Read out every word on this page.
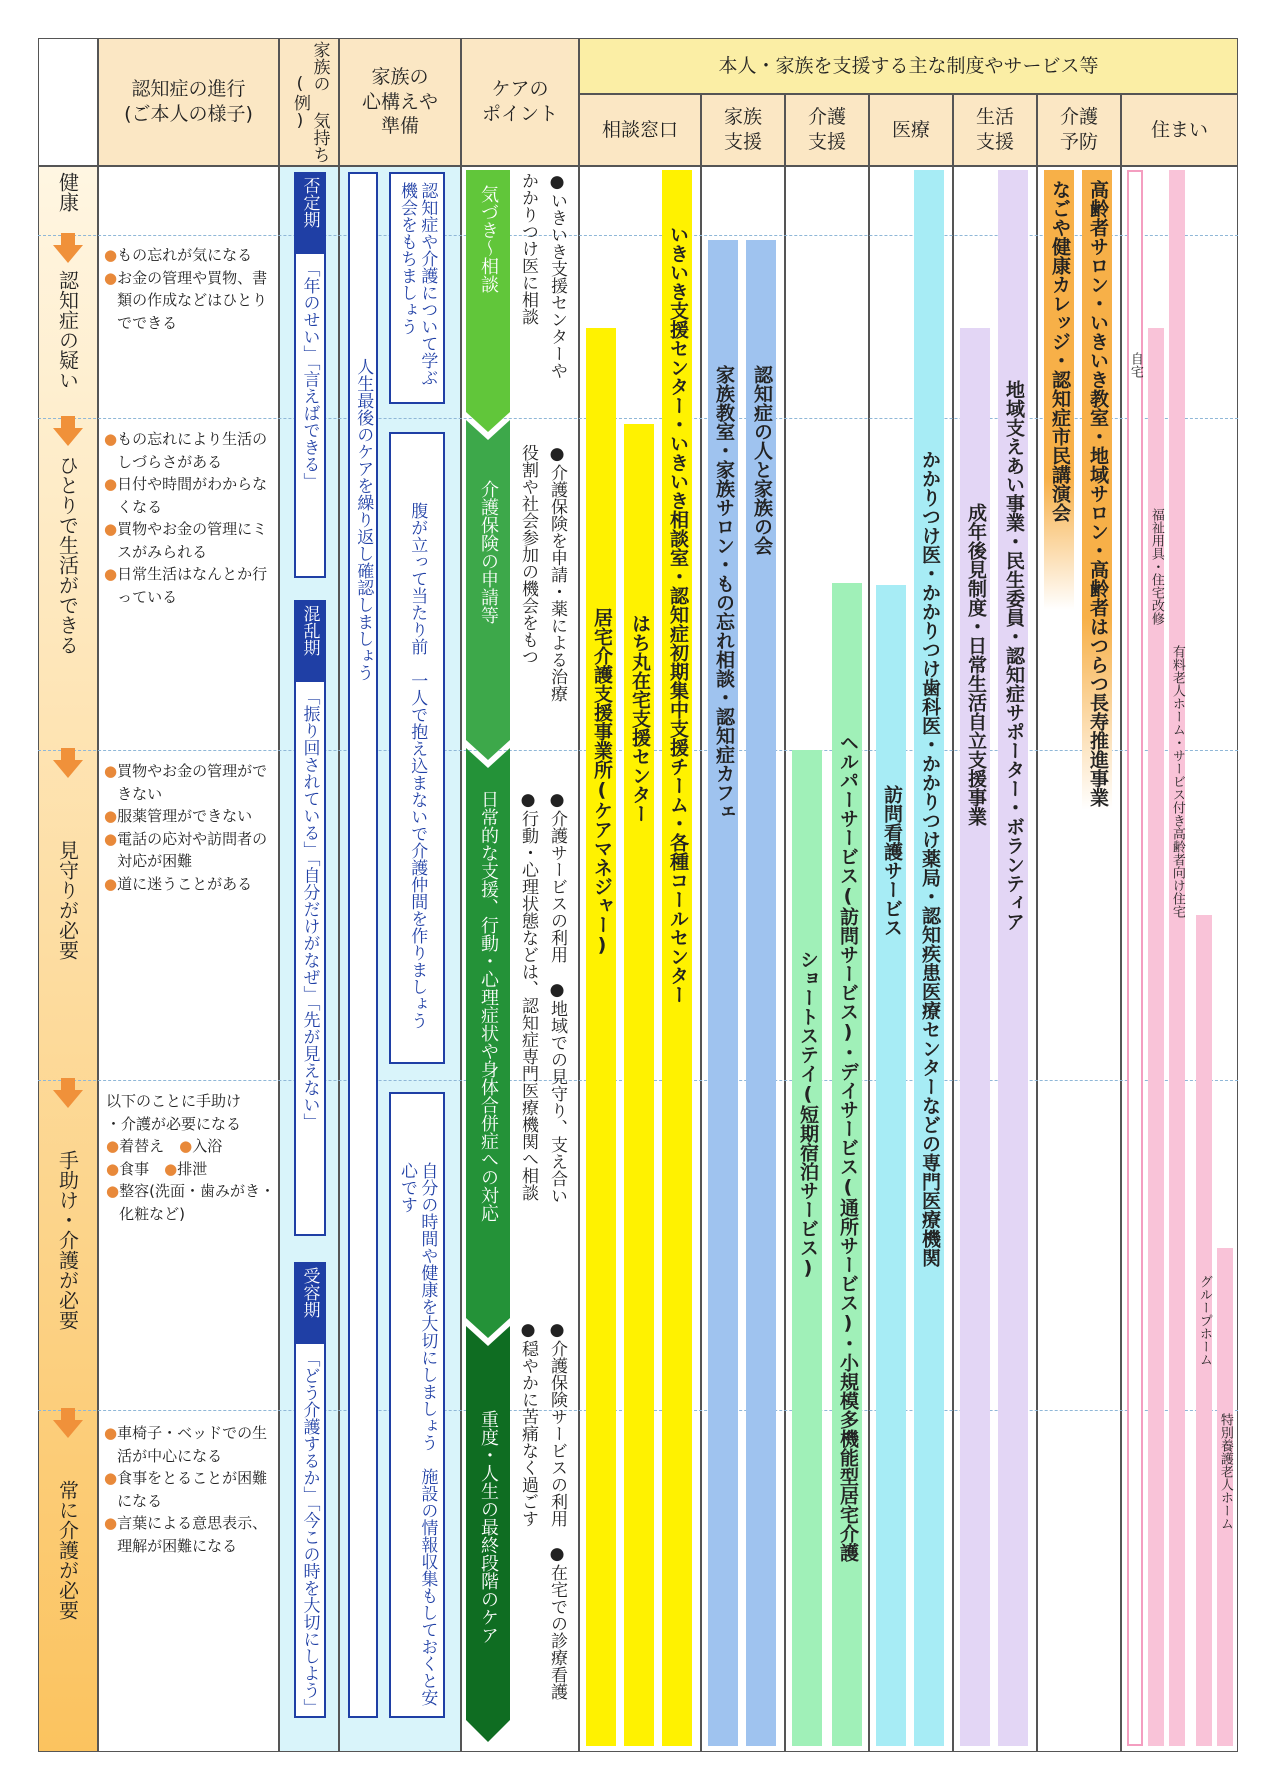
認知症の進行
(ご本人の様子)	家族の 気持ち(例)	家族の
心構えや
準備
ケアの
ポイント
本人・家族を支援する主な制度やサービス等
相談窓口
家族
支援
介護
支援
医療
生活
支援
介護
予防
住まい
健康
認知症の疑い
ひとりで生活ができる
見守りが必要
手助け・介護が必要
常に介護が必要
●もの忘れが気になる
● お金の管理や買物、書類の作成などはひとりでできる
● もの忘れにより生活のしづらさがある
● 日付や時間がわからなくなる
● 買物やお金の管理にミスがみられる
● 日常生活はなんとか行っている
● 買物やお金の管理ができない
● 服薬管理ができない
● 電話の応対や訪問者の対応が困難
● 道に迷うことがある
以下のことに手助け
・介護が必要になる
●着替え　 ●入浴
●食事　 ●排泄
● 整容(洗面・歯みがき・化粧など)
● 車椅子・ベッドでの生活が中心になる
● 食事をとることが困難になる
● 言葉による意思表示、理解が困難になる
否定期
「年のせい」「言えばできる」
混乱期
「振り回されている」「自分だけがなぜ」「先が見えない」
受容期
「どう介護するか」「今この時を大切にしよう」
人生最後のケアを繰り返し確認しましょう
認知症や介護について学ぶ機会をもちましょう
腹が立って当たり前　一人で抱え込まないで介護仲間を作りましょう
自分の時間や健康を大切にしましょう　施設の情報収集もしておくと安心です
気づき〜相談
介護保険の申請等
日常的な支援、行動・心理症状や身体合併症への対応
重度・人生の最終段階のケア
●いきいき支援センターや
かかりつけ医に相談
●介護保険を申請・薬による治療
役割や社会参加の機会をもつ
●介護サービスの利用　●地域での見守り、支え合い
●行動・心理状態などは、認知症専門医療機関へ相談
●介護保険サービスの利用　●在宅での診療看護
●穏やかに苦痛なく過ごす
居宅介護支援事業所(ケアマネジャー) はち丸在宅支援センター いきいき支援センター・いきいき相談室・認知症初期集中支援チーム・各種コールセンター 家族教室・家族サロン・もの忘れ相談・認知症カフェ 認知症の人と家族の会
ショートステイ(短期宿泊サービス) ヘルパーサービス(訪問サービス)・デイサービス(通所サービス)・小規模多機能型居宅介護 訪問看護サービス かかりつけ医・かかりつけ歯科医・かかりつけ薬局・認知疾患医療センターなどの専門医療機関 成年後見制度・日常生活自立支援事業 地域支えあい事業・民生委員・認知症サポーター・ボランティア
なごや健康カレッジ・認知症市民講演会 高齢者サロン・いきいき教室・地域サロン・高齢者はつらつ長寿推進事業 自宅
福祉用具・住宅改修
有料老人ホーム・サービス付き高齢者向け住宅
グループホーム
特別養護老人ホーム
